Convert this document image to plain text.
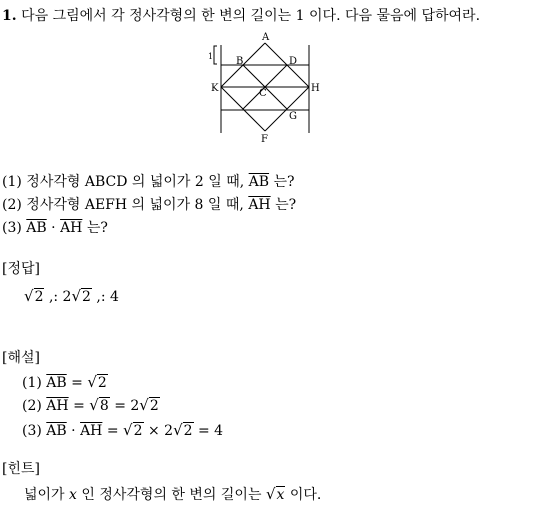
1. 다음 그림에서 각 정사각형의 한 변의 길이는 1 이다. 다음 물음에 답하여라.
A
B	D
K	C	H
G
F
1
(1) 정사각형 ABCD 의 넓이가 2 일 때, $\overline{AB}$ 는?
(2) 정사각형 AEFH 의 넓이가 8 일 때, $\overline{AH}$ 는?
(3) $\overline{AB} \cdot \overline{AH}$ 는?
[정답]
√2 ,: 2√2 ,: 4
[해설]
(1) $\overline{AB} = √2$
(2) $\overline{AH} = √8 = 2√2$
(3) $\overline{AB} \cdot \overline{AH} = √2 \times 2√2 = 4$
[힌트]
넓이가 x 인 정사각형의 한 변의 길이는 √x 이다.
